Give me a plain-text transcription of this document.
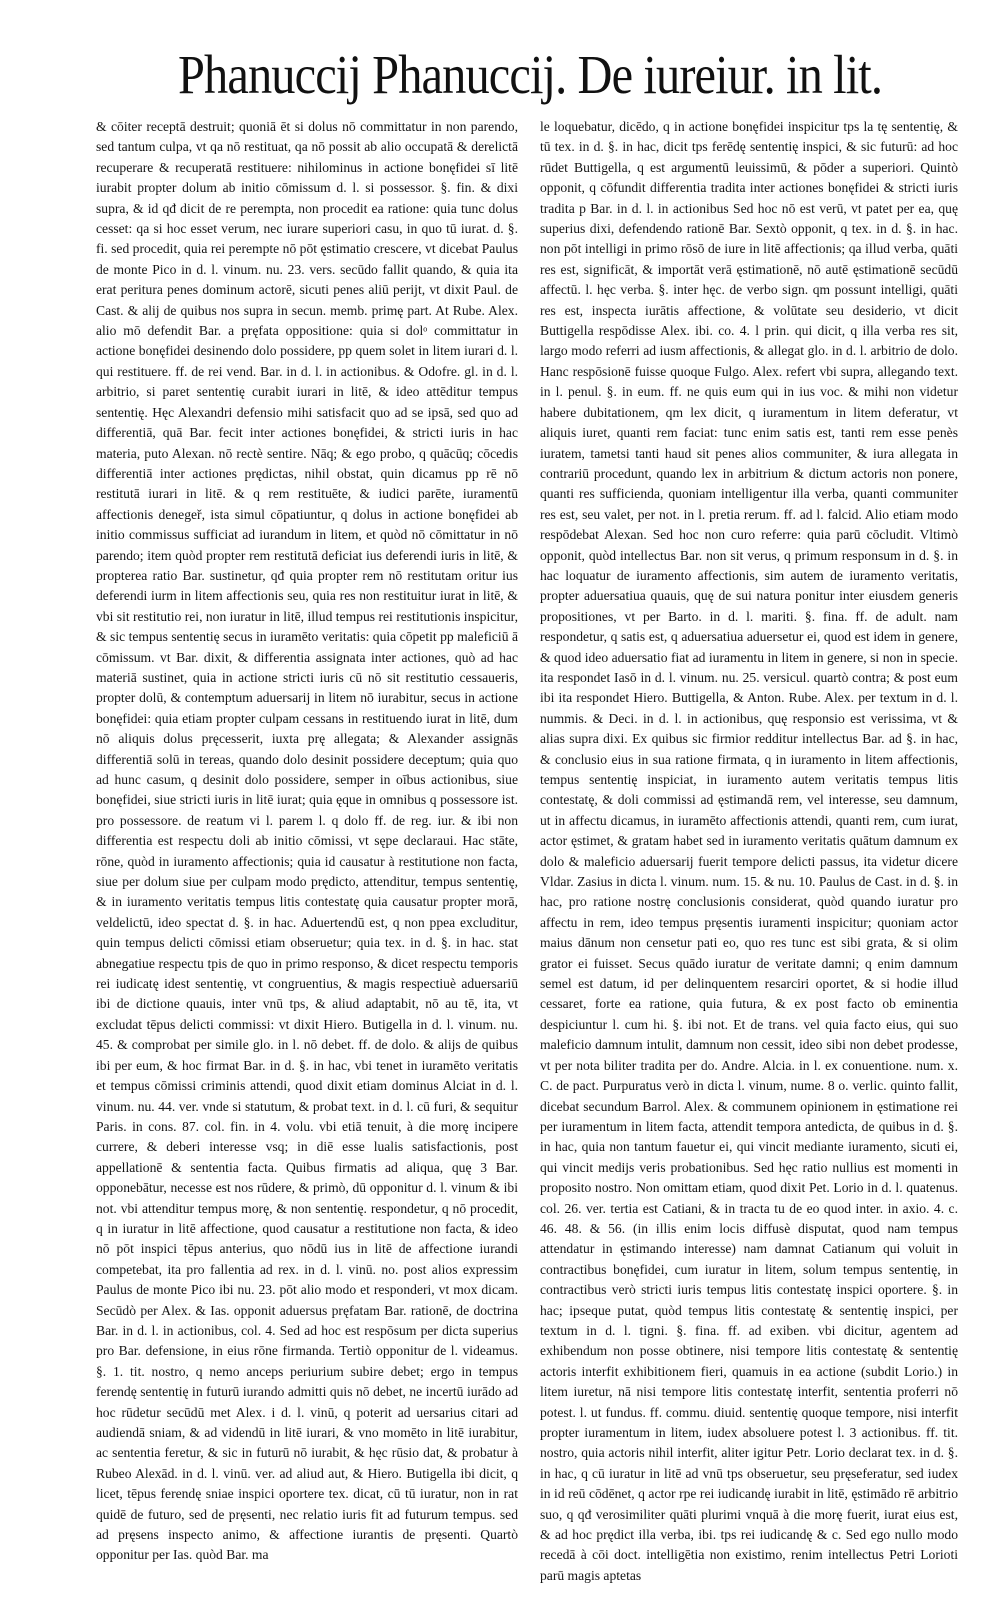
Phanuccij Phanuccij. De iureiur. in lit.

& cōiter receptā destruit; quoniā ēt si dolus nō committatur in non parendo, sed tantum culpa, vt qa nō restituat, qa nō possit ab alio occupatā & derelictā recuperare & recuperatā restituere: nihilominus in actione bonęfidei sī litē iurabit propter dolum ab initio cōmissum d. l. si possessor. §. fin. & dixi supra, & id qđ dicit de re perempta, non procedit ea ratione: quia tunc dolus cesset: qa si hoc esset verum, nec iurare superiori casu, in quo tū iurat. d. §. fi. sed procedit, quia rei perempte nō pōt ęstimatio crescere, vt dicebat Paulus de monte Pico in d. l. vinum. nu. 23. vers. secūdo fallit quando, & quia ita erat peritura penes dominum actorē, sicuti penes aliū perijt, vt dixit Paul. de Cast. & alij de quibus nos supra in secun. memb. primę part. At Rube. Alex. alio mō defendit Bar. a pręfata oppositione: quia si dolᵒ committatur in actione bonęfidei desinendo dolo possidere, pp quem solet in litem iurari d. l. qui restituere. ff. de rei vend. Bar. in d. l. in actionibus. & Odofre. gl. in d. l. arbitrio, si paret sententię curabit iurari in litē, & ideo attēditur tempus sententię. Hęc Alexandri defensio mihi satisfacit quo ad se ipsā, sed quo ad differentiā, quā Bar. fecit inter actiones bonęfidei, & stricti iuris in hac materia, puto Alexan. nō rectè sentire. Nāq; & ego probo, q quācūq; cōcedis differentiā inter actiones prędictas, nihil obstat, quin dicamus pp rē nō restitutā iurari in litē. & q rem restituēte, & iudici parēte, iuramentū affectionis denegeř, ista simul cōpatiuntur, q dolus in actione bonęfidei ab initio commissus sufficiat ad iurandum in litem, et quòd nō cōmittatur in nō parendo; item quòd propter rem restitutā deficiat ius deferendi iuris in litē, & propterea ratio Bar. sustinetur, qđ quia propter rem nō restitutam oritur ius deferendi iurm in litem affectionis seu, quia res non restituitur iurat in litē, & vbi sit restitutio rei, non iuratur in litē, illud tempus rei restitutionis inspicitur, & sic tempus sententię secus in iuramēto veritatis: quia cōpetit pp maleficiū ā cōmissum. vt Bar. dixit, & differentia assignata inter actiones, quò ad hac materiā sustinet, quia in actione stricti iuris cū nō sit restitutio cessaueris, propter dolū, & contemptum aduersarij in litem nō iurabitur, secus in actione bonęfidei: quia etiam propter culpam cessans in restituendo iurat in litē, dum nō aliquis dolus pręcesserit, iuxta prę allegata; & Alexander assignās differentiā solū in tereas, quando dolo desinit possidere deceptum; quia quo ad hunc casum, q desinit dolo possidere, semper in oībus actionibus, siue bonęfidei, siue stricti iuris in litē iurat; quia ęque in omnibus q possessore ist. pro possessore. de reatum vi l. parem l. q dolo ff. de reg. iur. & ibi non differentia est respectu doli ab initio cōmissi, vt sępe declaraui. Hac stāte, rōne, quòd in iuramento affectionis; quia id causatur à restitutione non facta, siue per dolum siue per culpam modo prędicto, attenditur, tempus sententię, & in iuramento veritatis tempus litis contestatę quia causatur propter morā, veldelictū, ideo spectat d. §. in hac. Aduertendū est, q non ppea excluditur, quin tempus delicti cōmissi etiam obseruetur; quia tex. in d. §. in hac. stat abnegatiue respectu tpis de quo in primo responso, & dicet respectu temporis rei iudicatę idest sententię, vt congruentius, & magis respectiuè aduersariū ibi de dictione quauis, inter vnū tps, & aliud adaptabit, nō au tē, ita, vt excludat tēpus delicti commissi: vt dixit Hiero. Butigella in d. l. vinum. nu. 45. & comprobat per simile glo. in l. nō debet. ff. de dolo. & alijs de quibus ibi per eum, & hoc firmat Bar. in d. §. in hac, vbi tenet in iuramēto veritatis et tempus cōmissi criminis attendi, quod dixit etiam dominus Alciat in d. l. vinum. nu. 44. ver. vnde si statutum, & probat text. in d. l. cū furi, & sequitur Paris. in cons. 87. col. fin. in 4. volu. vbi etiā tenuit, à die morę incipere currere, & deberi interesse vsq; in diē esse lualis satisfactionis, post appellationē & sententia facta. Quibus firmatis ad aliqua, quę 3 Bar. opponebātur, necesse est nos rūdere, & primò, dū opponitur d. l. vinum & ibi not. vbi attenditur tempus morę, & non sententię. respondetur, q nō procedit, q in iuratur in litē affectione, quod causatur a restitutione non facta, & ideo nō pōt inspici tēpus anterius, quo nōdū ius in litē de affectione iurandi competebat, ita pro fallentia ad rex. in d. l. vinū. no. post alios expressim Paulus de monte Pico ibi nu. 23. pōt alio modo et responderi, vt mox dicam. Secūdò per Alex. & Ias. opponit aduersus pręfatam Bar. rationē, de doctrina Bar. in d. l. in actionibus, col. 4. Sed ad hoc est respōsum per dicta superius pro Bar. defensione, in eius rōne firmanda. Tertiò opponitur de l. videamus. §. 1. tit. nostro, q nemo anceps periurium subire debet; ergo in tempus ferendę sententię in futurū iurando admitti quis nō debet, ne incertū iurādo ad hoc rūdetur secūdū met Alex. i d. l. vinū, q poterit ad uersarius citari ad audiendā sniam, & ad videndū in litē iurari, & vno momēto in litē iurabitur, ac sententia feretur, & sic in futurū nō iurabit, & hęc rūsio dat, & probatur à Rubeo Alexād. in d. l. vinū. ver. ad aliud aut, & Hiero. Butigella ibi dicit, q licet, tēpus ferendę sniae inspici oportere tex. dicat, cū tū iuratur, non in rat quidē de futuro, sed de pręsenti, nec relatio iuris fit ad futurum tempus. sed ad pręsens inspecto animo, & affectione iurantis de pręsenti. Quartò opponitur per Ias. quòd Bar. ma

le loquebatur, dicēdo, q in actione bonęfidei inspicitur tps la tę sententię, & tū tex. in d. §. in hac, dicit tps ferēdę sententię inspici, & sic futurū: ad hoc rūdet Buttigella, q est argumentū leuissimū, & pōder a superiori. Quintò opponit, q cōfundit differentia tradita inter actiones bonęfidei & stricti iuris tradita p Bar. in d. l. in actionibus Sed hoc nō est verū, vt patet per ea, quę superius dixi, defendendo rationē Bar. Sextò opponit, q tex. in d. §. in hac. non pōt intelligi in primo rōsō de iure in litē affectionis; qa illud verba, quāti res est, significāt, & importāt verā ęstimationē, nō autē ęstimationē secūdū affectū. l. hęc verba. §. inter hęc. de verbo sign. qm possunt intelligi, quāti res est, inspecta iurātis affectione, & volūtate seu desiderio, vt dicit Buttigella respōdisse Alex. ibi. co. 4. l prin. qui dicit, q illa verba res sit, largo modo referri ad iusm affectionis, & allegat glo. in d. l. arbitrio de dolo. Hanc respōsionē fuisse quoque Fulgo. Alex. refert vbi supra, allegando text. in l. penul. §. in eum. ff. ne quis eum qui in ius voc. & mihi non videtur habere dubitationem, qm lex dicit, q iuramentum in litem deferatur, vt aliquis iuret, quanti rem faciat: tunc enim satis est, tanti rem esse penès iuratem, tametsi tanti haud sit penes alios communiter, & iura allegata in contrariū procedunt, quando lex in arbitrium & dictum actoris non ponere, quanti res sufficienda, quoniam intelligentur illa verba, quanti communiter res est, seu valet, per not. in l. pretia rerum. ff. ad l. falcid. Alio etiam modo respōdebat Alexan. Sed hoc non curo referre: quia parū cōcludit. Vltimò opponit, quòd intellectus Bar. non sit verus, q primum responsum in d. §. in hac loquatur de iuramento affectionis, sim autem de iuramento veritatis, propter aduersatiua quauis, quę de sui natura ponitur inter eiusdem generis propositiones, vt per Barto. in d. l. mariti. §. fina. ff. de adult. nam respondetur, q satis est, q aduersatiua aduersetur ei, quod est idem in genere, & quod ideo aduersatio fiat ad iuramentu in litem in genere, si non in specie. ita respondet Iasō in d. l. vinum. nu. 25. versicul. quartò contra; & post eum ibi ita respondet Hiero. Buttigella, & Anton. Rube. Alex. per textum in d. l. nummis. & Deci. in d. l. in actionibus, quę responsio est verissima, vt & alias supra dixi. Ex quibus sic firmior redditur intellectus Bar. ad §. in hac, & conclusio eius in sua ratione firmata, q in iuramento in litem affectionis, tempus sententię inspiciat, in iuramento autem veritatis tempus litis contestatę, & doli commissi ad ęstimandā rem, vel interesse, seu damnum, ut in affectu dicamus, in iuramēto affectionis attendi, quanti rem, cum iurat, actor ęstimet, & gratam habet sed in iuramento veritatis quātum damnum ex dolo & maleficio aduersarij fuerit tempore delicti passus, ita videtur dicere Vldar. Zasius in dicta l. vinum. num. 15. & nu. 10. Paulus de Cast. in d. §. in hac, pro ratione nostrę conclusionis considerat, quòd quando iuratur pro affectu in rem, ideo tempus pręsentis iuramenti inspicitur; quoniam actor maius dānum non censetur pati eo, quo res tunc est sibi grata, & si olim grator ei fuisset. Secus quādo iuratur de veritate damni; q enim damnum semel est datum, id per delinquentem resarciri oportet, & si hodie illud cessaret, forte ea ratione, quia futura, & ex post facto ob eminentia despiciuntur l. cum hi. §. ibi not. Et de trans. vel quia facto eius, qui suo maleficio damnum intulit, damnum non cessit, ideo sibi non debet prodesse, vt per nota biliter tradita per do. Andre. Alcia. in l. ex conuentione. num. x. C. de pact. Purpuratus verò in dicta l. vinum, nume. 8 o. verlic. quinto fallit, dicebat secundum Barrol. Alex. & communem opinionem in ęstimatione rei per iuramentum in litem facta, attendit tempora antedicta, de quibus in d. §. in hac, quia non tantum fauetur ei, qui vincit mediante iuramento, sicuti ei, qui vincit medijs veris probationibus. Sed hęc ratio nullius est momenti in proposito nostro. Non omittam etiam, quod dixit Pet. Lorio in d. l. quatenus. col. 26. ver. tertia est Catiani, & in tracta tu de eo quod inter. in axio. 4. c. 46. 48. & 56. (in illis enim locis diffusè disputat, quod nam tempus attendatur in ęstimando interesse) nam damnat Catianum qui voluit in contractibus bonęfidei, cum iuratur in litem, solum tempus sententię, in contractibus verò stricti iuris tempus litis contestatę inspici oportere. §. in hac; ipseque putat, quòd tempus litis contestatę & sententię inspici, per textum in d. l. tigni. §. fina. ff. ad exiben. vbi dicitur, agentem ad exhibendum non posse obtinere, nisi tempore litis contestatę & sententię actoris interfit exhibitionem fieri, quamuis in ea actione (subdit Lorio.) in litem iuretur, nā nisi tempore litis contestatę interfit, sententia proferri nō potest. l. ut fundus. ff. commu. diuid. sententię quoque tempore, nisi interfit propter iuramentum in litem, iudex absoluere potest l. 3 actionibus. ff. tit. nostro, quia actoris nihil interfit, aliter igitur Petr. Lorio declarat tex. in d. §. in hac, q cū iuratur in litē ad vnū tps obseruetur, seu pręseferatur, sed iudex in id reū cōdēnet, q actor rpe rei iudicandę iurabit in litē, ęstimādo rē arbitrio suo, q qđ verosimiliter quāti plurimi vnquā à die morę fuerit, iurat eius est, & ad hoc prędict illa verba, ibi. tps rei iudicandę & c. Sed ego nullo modo recedā à cōi doct. intelligētia non existimo, renim intellectus Petri Lorioti parū magis aptetas
